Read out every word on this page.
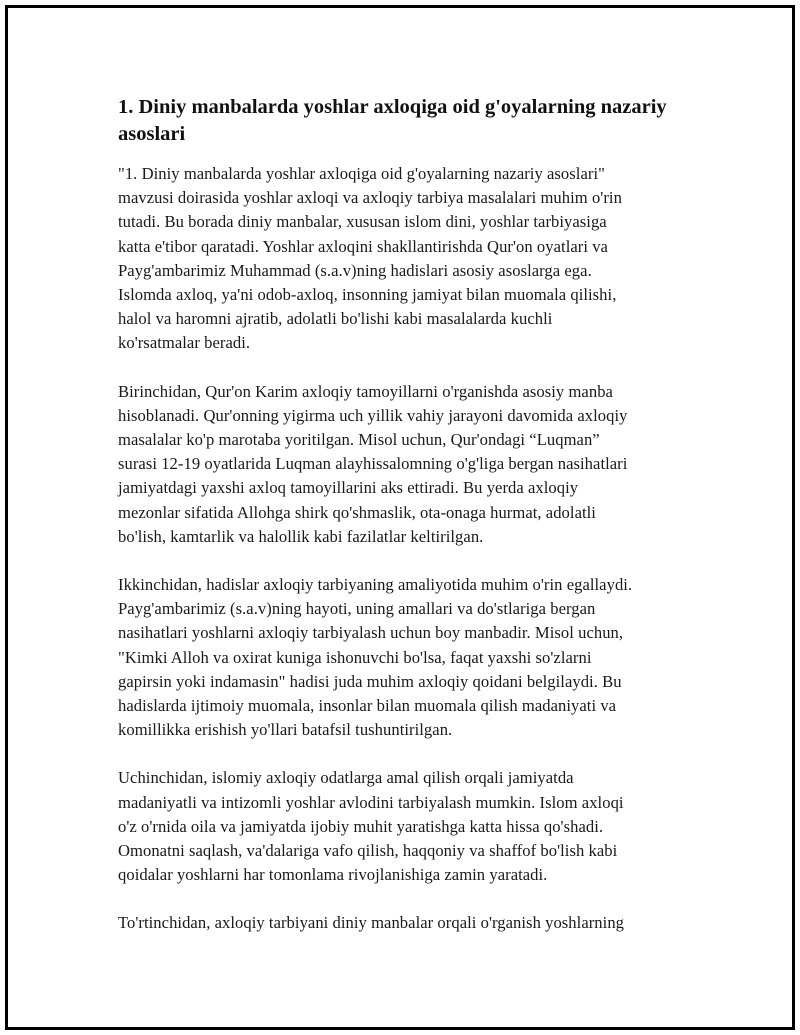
1. Diniy manbalarda yoshlar axloqiga oid g'oyalarning nazariy
asoslari

"1. Diniy manbalarda yoshlar axloqiga oid g'oyalarning nazariy asoslari"
mavzusi doirasida yoshlar axloqi va axloqiy tarbiya masalalari muhim o'rin
tutadi. Bu borada diniy manbalar, xususan islom dini, yoshlar tarbiyasiga
katta e'tibor qaratadi. Yoshlar axloqini shakllantirishda Qur'on oyatlari va
Payg'ambarimiz Muhammad (s.a.v)ning hadislari asosiy asoslarga ega.
Islomda axloq, ya'ni odob-axloq, insonning jamiyat bilan muomala qilishi,
halol va haromni ajratib, adolatli bo'lishi kabi masalalarda kuchli
ko'rsatmalar beradi.

Birinchidan, Qur'on Karim axloqiy tamoyillarni o'rganishda asosiy manba
hisoblanadi. Qur'onning yigirma uch yillik vahiy jarayoni davomida axloqiy
masalalar ko'p marotaba yoritilgan. Misol uchun, Qur'ondagi “Luqman”
surasi 12-19 oyatlarida Luqman alayhissalomning o'g'liga bergan nasihatlari
jamiyatdagi yaxshi axloq tamoyillarini aks ettiradi. Bu yerda axloqiy
mezonlar sifatida Allohga shirk qo'shmaslik, ota-onaga hurmat, adolatli
bo'lish, kamtarlik va halollik kabi fazilatlar keltirilgan.

Ikkinchidan, hadislar axloqiy tarbiyaning amaliyotida muhim o'rin egallaydi.
Payg'ambarimiz (s.a.v)ning hayoti, uning amallari va do'stlariga bergan
nasihatlari yoshlarni axloqiy tarbiyalash uchun boy manbadir. Misol uchun,
"Kimki Alloh va oxirat kuniga ishonuvchi bo'lsa, faqat yaxshi so'zlarni
gapirsin yoki indamasin" hadisi juda muhim axloqiy qoidani belgilaydi. Bu
hadislarda ijtimoiy muomala, insonlar bilan muomala qilish madaniyati va
komillikka erishish yo'llari batafsil tushuntirilgan.

Uchinchidan, islomiy axloqiy odatlarga amal qilish orqali jamiyatda
madaniyatli va intizomli yoshlar avlodini tarbiyalash mumkin. Islom axloqi
o'z o'rnida oila va jamiyatda ijobiy muhit yaratishga katta hissa qo'shadi.
Omonatni saqlash, va'dalariga vafo qilish, haqqoniy va shaffof bo'lish kabi
qoidalar yoshlarni har tomonlama rivojlanishiga zamin yaratadi.

To'rtinchidan, axloqiy tarbiyani diniy manbalar orqali o'rganish yoshlarning
